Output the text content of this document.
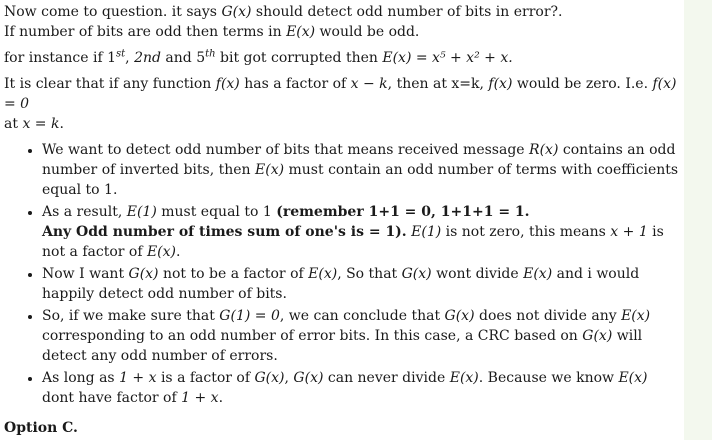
Now come to question. it says G(x) should detect odd number of bits in error?.

If number of bits are odd then terms in E(x) would be odd.

for instance if 1st, 2nd and 5th bit got corrupted then E(x) = x⁵ + x² + x.

It is clear that if any function f(x) has a factor of x − k, then at x=k, f(x) would be zero. I.e. f(x) = 0
at x = k.

• We want to detect odd number of bits that means received message R(x) contains an odd number of inverted bits, then E(x) must contain an odd number of terms with coefficients equal to 1.
• As a result, E(1) must equal to 1 (remember 1+1 = 0, 1+1+1 = 1.
Any Odd number of times sum of one's is = 1). E(1) is not zero, this means x + 1 is not a factor of E(x).
• Now I want G(x) not to be a factor of E(x), So that G(x) wont divide E(x) and i would happily detect odd number of bits.
• So, if we make sure that G(1) = 0, we can conclude that G(x) does not divide any E(x) corresponding to an odd number of error bits. In this case, a CRC based on G(x) will detect any odd number of errors.
• As long as 1 + x is a factor of G(x), G(x) can never divide E(x). Because we know E(x) dont have factor of 1 + x.

Option C.
